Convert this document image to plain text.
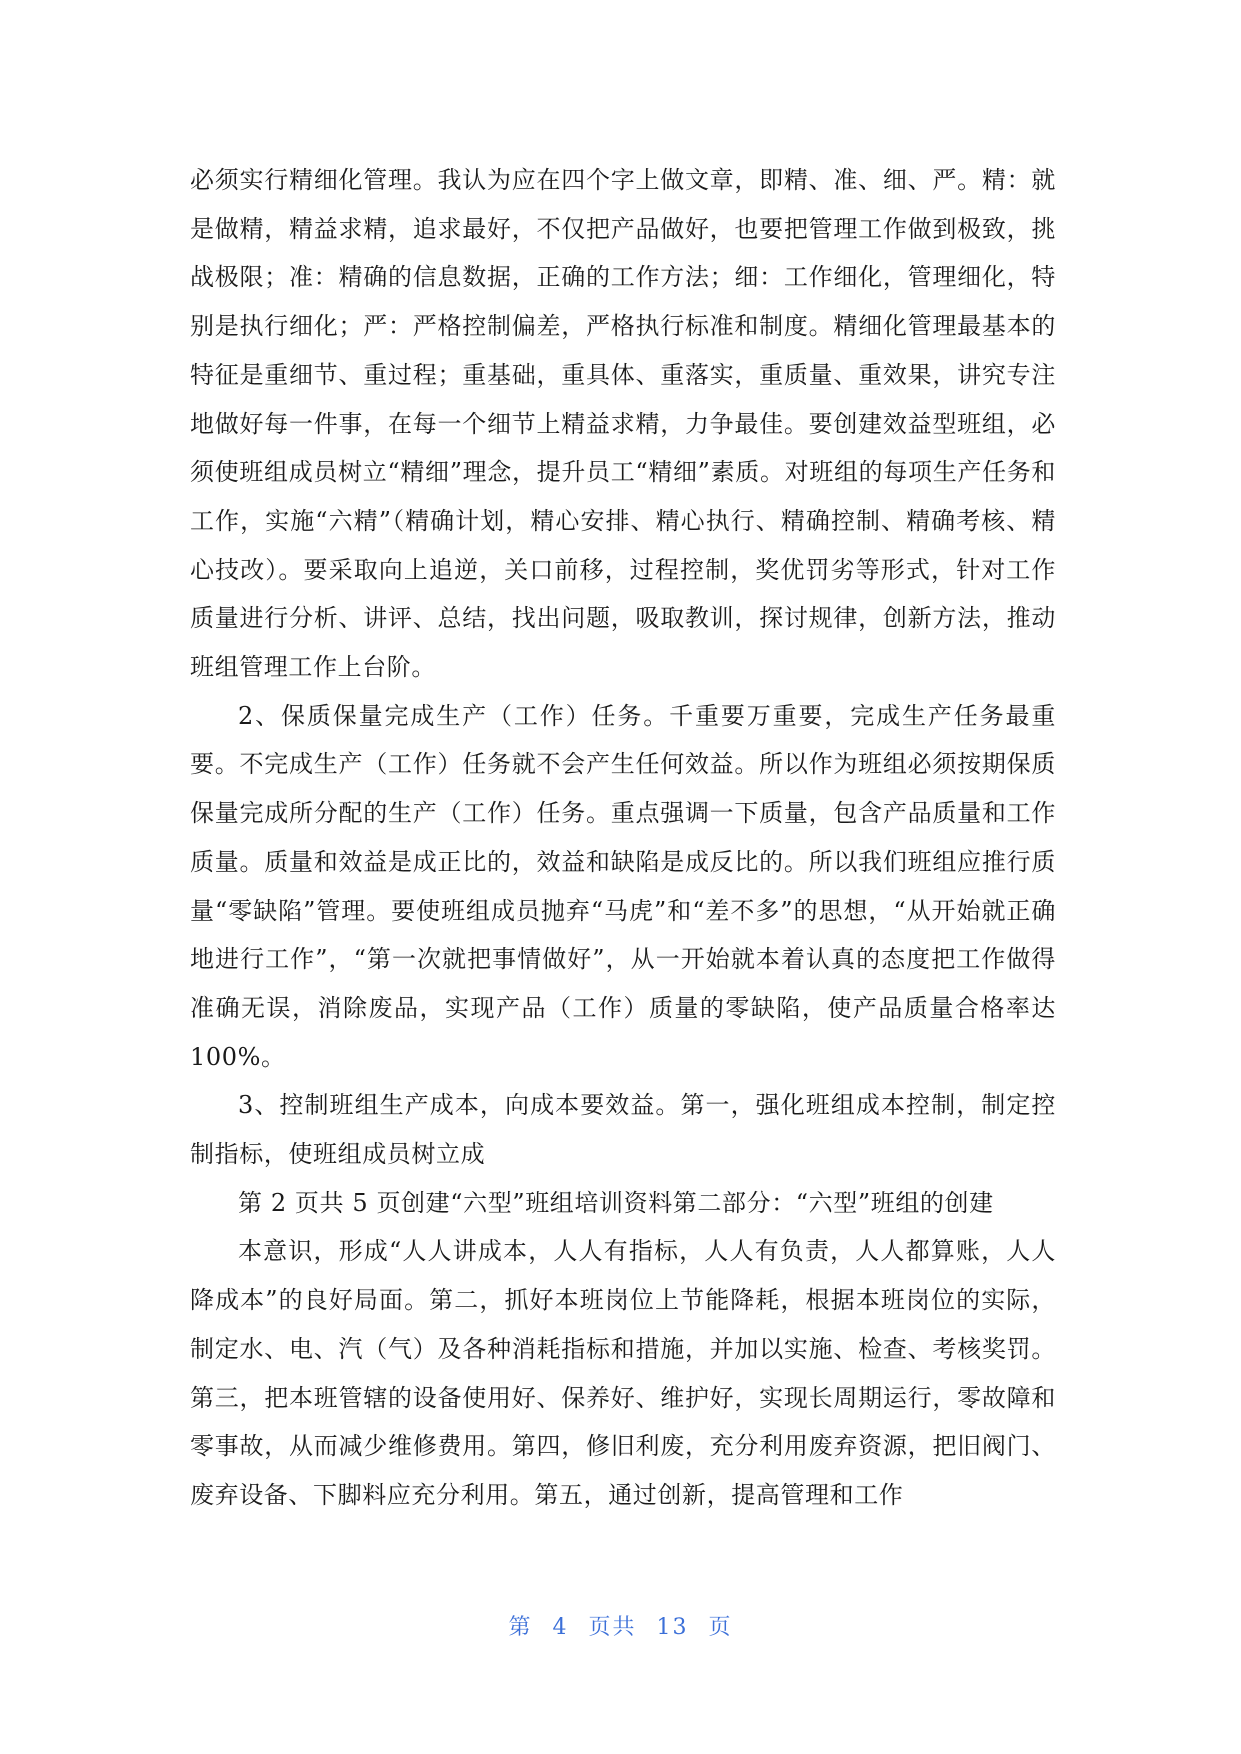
必须实行精细化管理。我认为应在四个字上做文章，即精、准、细、严。精：就是做精，精益求精，追求最好，不仅把产品做好，也要把管理工作做到极致，挑战极限；准：精确的信息数据，正确的工作方法；细：工作细化，管理细化，特别是执行细化；严：严格控制偏差，严格执行标准和制度。精细化管理最基本的特征是重细节、重过程；重基础，重具体、重落实，重质量、重效果，讲究专注地做好每一件事，在每一个细节上精益求精，力争最佳。要创建效益型班组，必须使班组成员树立“精细”理念，提升员工“精细”素质。对班组的每项生产任务和工作，实施“六精”（精确计划，精心安排、精心执行、精确控制、精确考核、精心技改）。要采取向上追逆，关口前移，过程控制，奖优罚劣等形式，针对工作质量进行分析、讲评、总结，找出问题，吸取教训，探讨规律，创新方法，推动班组管理工作上台阶。

2、保质保量完成生产（工作）任务。千重要万重要，完成生产任务最重要。不完成生产（工作）任务就不会产生任何效益。所以作为班组必须按期保质保量完成所分配的生产（工作）任务。重点强调一下质量，包含产品质量和工作质量。质量和效益是成正比的，效益和缺陷是成反比的。所以我们班组应推行质量“零缺陷”管理。要使班组成员抛弃“马虎”和“差不多”的思想，“从开始就正确地进行工作”，“第一次就把事情做好”，从一开始就本着认真的态度把工作做得准确无误，消除废品，实现产品（工作）质量的零缺陷，使产品质量合格率达 100%。

3、控制班组生产成本，向成本要效益。第一，强化班组成本控制，制定控制指标，使班组成员树立成

第 2 页共 5 页创建“六型”班组培训资料第二部分：“六型”班组的创建

本意识，形成“人人讲成本，人人有指标，人人有负责，人人都算账，人人降成本”的良好局面。第二，抓好本班岗位上节能降耗，根据本班岗位的实际，制定水、电、汽（气）及各种消耗指标和措施，并加以实施、检查、考核奖罚。第三，把本班管辖的设备使用好、保养好、维护好，实现长周期运行，零故障和零事故，从而减少维修费用。第四，修旧利废，充分利用废弃资源，把旧阀门、废弃设备、下脚料应充分利用。第五，通过创新，提高管理和工作

第 4 页共 13 页
